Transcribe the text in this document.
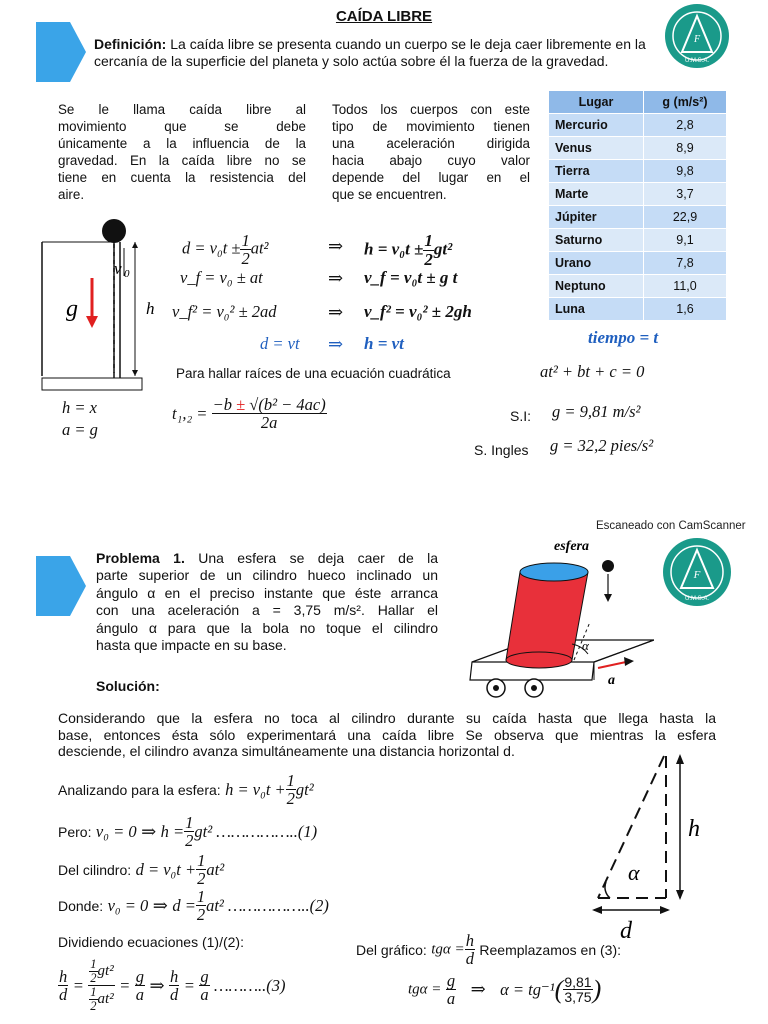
CAÍDA LIBRE
Definición: La caída libre se presenta cuando un cuerpo se le deja caer libremente en la cercanía de la superficie del planeta y solo actúa sobre él la fuerza de la gravedad.
F
U.M.S.A.
Se le llama caída libre al
movimiento que se debe
únicamente a la influencia de la
gravedad. En la caída libre no se
tiene en cuenta la resistencia del
aire.
Todos los cuerpos con este
tipo de movimiento tienen
una aceleración dirigida
hacia abajo cuyo valor
depende del lugar en el
que se encuentren.
Lugar	g (m/s²)
Mercurio	2,8
Venus	8,9
Tierra	9,8
Marte	3,7
Júpiter	22,9
Saturno	9,1
Urano	7,8
Neptuno	11,0
Luna	1,6
g	h
v 0
$d = v_0t \pm \frac{1}{2} at^2$	⇒ $h = v_0t \pm \frac{1}{2} gt^2$
v_f = v₀ ± at	⇒ v_f = v₀t ± g t
v_f² = v₀² ± 2ad	⇒ v_f² = v₀² ± 2gh
d = vt ⇒ h = vt	tiempo = t
Para hallar raíces de una ecuación cuadrática	at² + bt + c = 0
h = x
a = g
$t_1,_2 = \frac{\text{−b ± √(b² − 4ac)}}{2a}$	S.I: g = 9,81 m/s²
S. Ingles g = 32,2 pies/s²
Escaneado con CamScanner
F
U.M.S.A.
Problema 1. Una esfera se deja caer de la
parte superior de un cilindro hueco inclinado un
ángulo α en el preciso instante que éste arranca
con una aceleración a = 3,75 m/s². Hallar el
ángulo α para que la bola no toque el cilindro
hasta que impacte en su base.
Solución:
esfera
α
a
Considerando que la esfera no toca al cilindro durante su caída hasta que llega hasta la
base, entonces ésta sólo experimentará una caída libre Se observa que mientras la esfera
desciende, el cilindro avanza simultáneamente una distancia horizontal d.
Analizando para la esfera: $h = v_0t + \frac{1}{2} gt^2$
Pero: v₀ = 0 ⇒ $h = \frac{1}{2} gt^2$ ……………..(1)
Del cilindro: $d = v_0t + \frac{1}{2} at^2$
Donde: v₀ = 0 ⇒ $d = \frac{1}{2} at^2$ ……………..(2)
Dividiendo ecuaciones (1)/(2):	Del gráfico: $tg\alpha = \frac{h}{d}$ Reemplazamos en (3):
$\frac{h}{d} = \frac{\frac{1}{2} gt^2}{\frac{1}{2} at^2} = \frac{g}{a}$ ⇒ $\frac{h}{d} = \frac{g}{a}$ ………..(3)	$tg\alpha = \frac{g}{a}$ ⇒ $\alpha = tg^{-1}( \frac{9,81}{3,75}$ )
h
α
d
